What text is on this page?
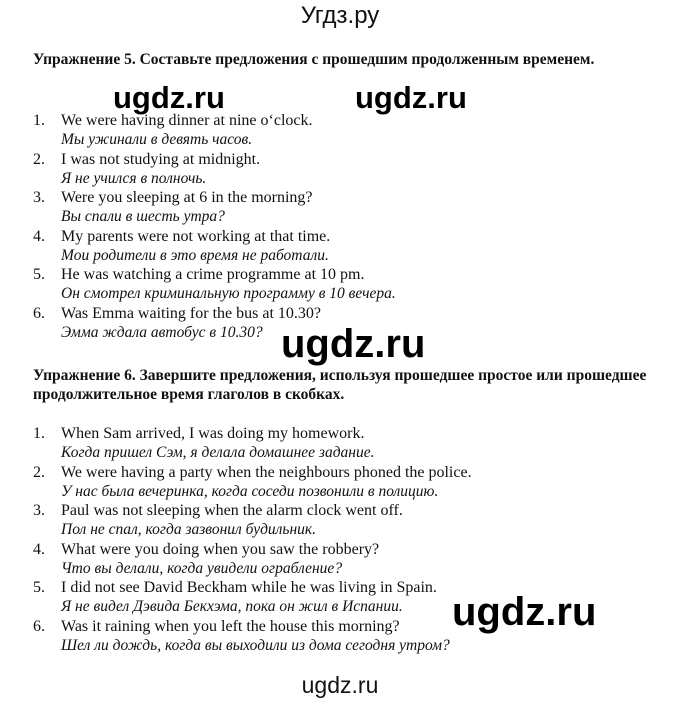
Угдз.ру
Упражнение 5. Составьте предложения с прошедшим продолженным временем.
1. We were having dinner at nine o‘clock.
Мы ужинали в девять часов.
2. I was not studying at midnight.
Я не учился в полночь.
3. Were you sleeping at 6 in the morning?
Вы спали в шесть утра?
4. My parents were not working at that time.
Мои родители в это время не работали.
5. He was watching a crime programme at 10 pm.
Он смотрел криминальную программу в 10 вечера.
6. Was Emma waiting for the bus at 10.30?
Эмма ждала автобус в 10.30?
Упражнение 6. Завершите предложения, используя прошедшее простое или прошедшее продолжительное время глаголов в скобках.
1. When Sam arrived, I was doing my homework.
Когда пришел Сэм, я делала домашнее задание.
2. We were having a party when the neighbours phoned the police.
У нас была вечеринка, когда соседи позвонили в полицию.
3. Paul was not sleeping when the alarm clock went off.
Пол не спал, когда зазвонил будильник.
4. What were you doing when you saw the robbery?
Что вы делали, когда увидели ограбление?
5. I did not see David Beckham while he was living in Spain.
Я не видел Дэвида Бекхэма, пока он жил в Испании.
6. Was it raining when you left the house this morning?
Шел ли дождь, когда вы выходили из дома сегодня утром?
ugdz.ru	ugdz.ru
ugdz.ru
ugdz.ru
ugdz.ru
